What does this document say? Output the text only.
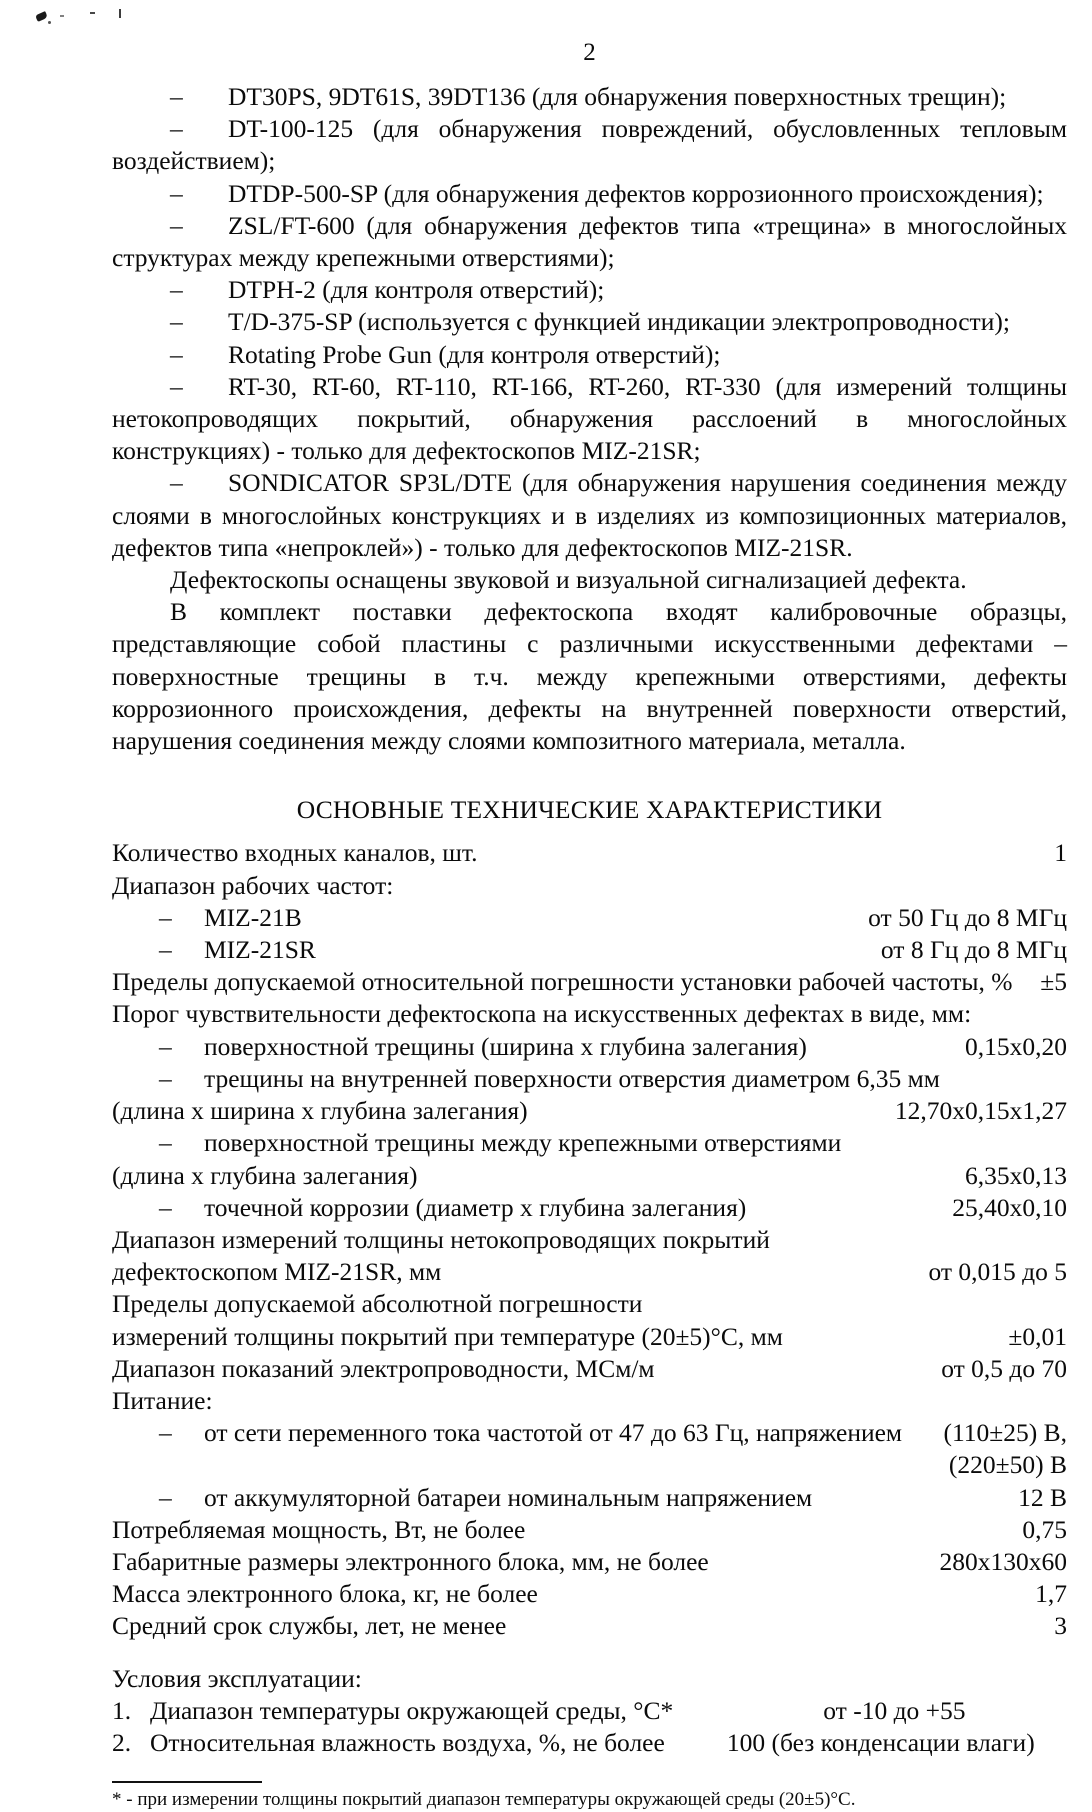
2

– DT30PS, 9DT61S, 39DT136 (для обнаружения поверхностных трещин);

– DT-100-125 (для обнаружения повреждений, обусловленных тепловым воздействием);

– DTDP-500-SP (для обнаружения дефектов коррозионного происхождения);

– ZSL/FT-600 (для обнаружения дефектов типа «трещина» в многослойных структурах между крепежными отверстиями);

– DTPH-2 (для контроля отверстий);

– T/D-375-SP (используется с функцией индикации электропроводности);

– Rotating Probe Gun (для контроля отверстий);

– RT-30, RT-60, RT-110, RT-166, RT-260, RT-330 (для измерений толщины нетокопроводящих покрытий, обнаружения расслоений в многослойных конструкциях) - только для дефектоскопов MIZ-21SR;

– SONDICATOR SP3L/DTE (для обнаружения нарушения соединения между слоями в многослойных конструкциях и в изделиях из композиционных материалов, дефектов типа «непроклей») - только для дефектоскопов MIZ-21SR.

Дефектоскопы оснащены звуковой и визуальной сигнализацией дефекта.

В комплект поставки дефектоскопа входят калибровочные образцы, представляющие собой пластины с различными искусственными дефектами – поверхностные трещины в т.ч. между крепежными отверстиями, дефекты коррозионного происхождения, дефекты на внутренней поверхности отверстий, нарушения соединения между слоями композитного материала, металла.

ОСНОВНЫЕ ТЕХНИЧЕСКИЕ ХАРАКТЕРИСТИКИ
Количество входных каналов, шт.	1
Диапазон рабочих частот:
– MIZ-21B	от 50 Гц до 8 МГц
– MIZ-21SR	от 8 Гц до 8 МГц
Пределы допускаемой относительной погрешности установки рабочей частоты, %	±5
Порог чувствительности дефектоскопа на искусственных дефектах в виде, мм:
– поверхностной трещины (ширина х глубина залегания)	0,15х0,20
– трещины на внутренней поверхности отверстия диаметром 6,35 мм
(длина х ширина х глубина залегания)	12,70х0,15х1,27
– поверхностной трещины между крепежными отверстиями
(длина х глубина залегания)	6,35х0,13
– точечной коррозии (диаметр х глубина залегания)	25,40х0,10
Диапазон измерений толщины нетокопроводящих покрытий
дефектоскопом MIZ-21SR, мм	от 0,015 до 5
Пределы допускаемой абсолютной погрешности
измерений толщины покрытий при температуре (20±5)°С, мм	±0,01
Диапазон показаний электропроводности, МСм/м	от 0,5 до 70
Питание:
– от сети переменного тока частотой от 47 до 63 Гц, напряжением	(110±25) В,
(220±50) В
– от аккумуляторной батареи номинальным напряжением	12 В
Потребляемая мощность, Вт, не более	0,75
Габаритные размеры электронного блока, мм, не более	280х130х60
Масса электронного блока, кг, не более	1,7
Средний срок службы, лет, не менее	3
Условия эксплуатации:
1. Диапазон температуры окружающей среды, °С*	от -10 до +55
2. Относительная влажность воздуха, %, не более 100 (без конденсации влаги)

* - при измерении толщины покрытий диапазон температуры окружающей среды (20±5)°С.
